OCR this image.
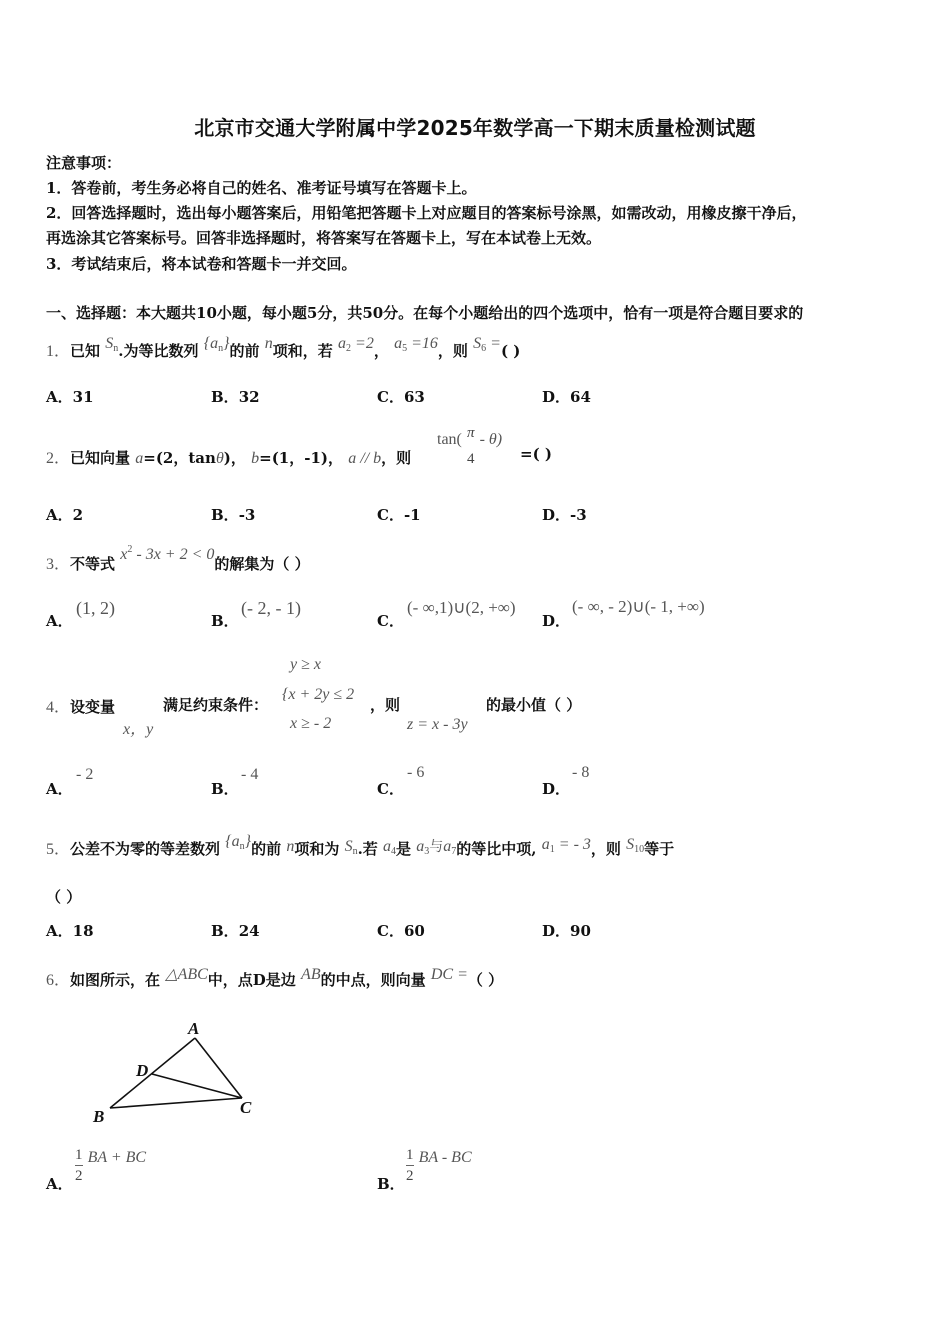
北京市交通大学附属中学2025年数学高一下期末质量检测试题
注意事项：
1．答卷前，考生务必将自己的姓名、准考证号填写在答题卡上。
2．回答选择题时，选出每小题答案后，用铅笔把答题卡上对应题目的答案标号涂黑，如需改动，用橡皮擦干净后，
再选涂其它答案标号。回答非选择题时，将答案写在答题卡上，写在本试卷上无效。
3．考试结束后，将本试卷和答题卡一并交回。
一、选择题：本大题共10小题，每小题5分，共50分。在每个小题给出的四个选项中，恰有一项是符合题目要求的
1．已知 $S_n$.为等比数列 $\{a_n\}$的前 n项和，若 $a_2 =2$， $a_5 =16$，则 $S_6$ =( )
A．31	B．32	C．63	D．64
2．已知向量 a=(2，tanθ)， b=(1，-1)， a // b，则
tan( π
4
- θ)
=( )
A．2	B．-3	C．-1	D．-3
3．不等式 $x^2 - 3x + 2 < 0$的解集为（ ）
A．
(1, 2)
B．
(- 2, - 1)
C．
(- ∞,1)∪(2, +∞)
D．
(- ∞, - 2)∪(- 1, +∞)
4．设变量
x，y
满足约束条件：
y ≥ x
{x + 2y ≤ 2
x ≥ - 2
，则
z = x - 3y
的最小值（ ）
A．
- 2
B．
- 4
C．
- 6
D．
- 8
5．公差不为零的等差数列 $\{a_n\}$的前 n项和为 $S_n$.若 $a_4$是 $a_3$与$a_7$的等比中项, $a_1$ = - 3，则 $S_{10}$等于
（ ）
A．18	B．24	C．60	D．90
6．如图所示，在 △ABC中，点D是边 AB的中点，则向量 DC =（ ）
A
D
B	C
A． $\frac{1}{2}$ BA + BC
B． $\frac{1}{2}$ BA - BC
